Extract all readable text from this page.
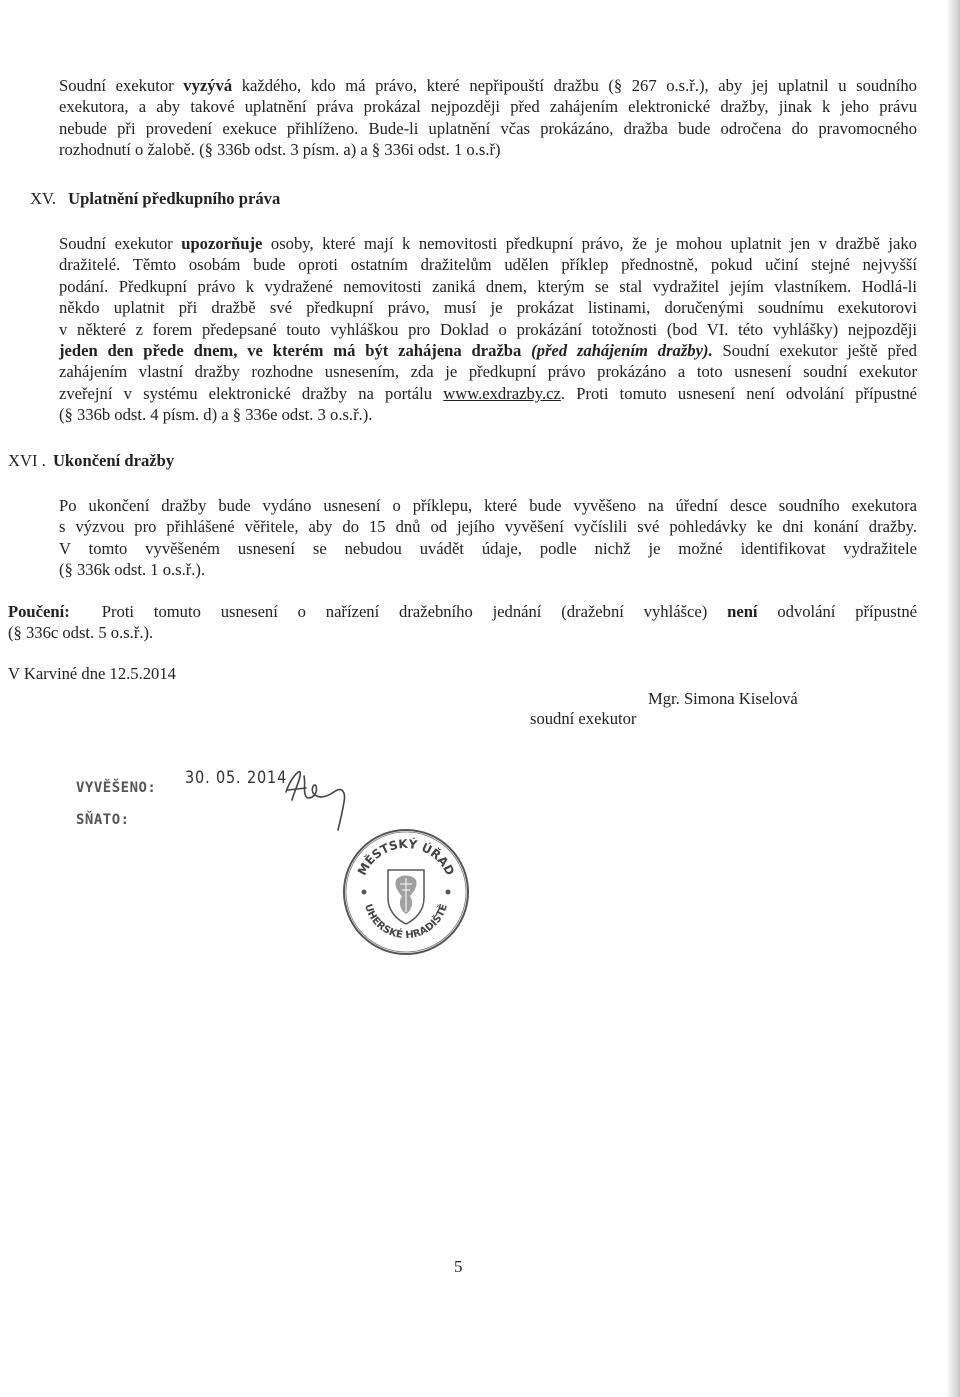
Soudní exekutor vyzývá každého, kdo má právo, které nepřipouští dražbu (§ 267 o.s.ř.), aby jej uplatnil u soudního
exekutora, a aby takové uplatnění práva prokázal nejpozději před zahájením elektronické dražby, jinak k jeho právu
nebude při provedení exekuce přihlíženo. Bude-li uplatnění včas prokázáno, dražba bude odročena do pravomocného
rozhodnutí o žalobě. (§ 336b odst. 3 písm. a) a § 336i odst. 1 o.s.ř)
XV. Uplatnění předkupního práva
Soudní exekutor upozorňuje osoby, které mají k nemovitosti předkupní právo, že je mohou uplatnit jen v dražbě jako
dražitelé. Těmto osobám bude oproti ostatním dražitelům udělen příklep přednostně, pokud učiní stejné nejvyšší
podání. Předkupní právo k vydražené nemovitosti zaniká dnem, kterým se stal vydražitel jejím vlastníkem. Hodlá-li
někdo uplatnit při dražbě své předkupní právo, musí je prokázat listinami, doručenými soudnímu exekutorovi
v některé z forem předepsané touto vyhláškou pro Doklad o prokázání totožnosti (bod VI. této vyhlášky) nejpozději
jeden den přede dnem, ve kterém má být zahájena dražba (před zahájením dražby). Soudní exekutor ještě před
zahájením vlastní dražby rozhodne usnesením, zda je předkupní právo prokázáno a toto usnesení soudní exekutor
zveřejní v systému elektronické dražby na portálu www.exdrazby.cz. Proti tomuto usnesení není odvolání přípustné
(§ 336b odst. 4 písm. d) a § 336e odst. 3 o.s.ř.).
XVI . Ukončení dražby
Po ukončení dražby bude vydáno usnesení o příklepu, které bude vyvěšeno na úřední desce soudního exekutora
s výzvou pro přihlášené věřitele, aby do 15 dnů od jejího vyvěšení vyčíslili své pohledávky ke dni konání dražby.
V tomto vyvěšeném usnesení se nebudou uvádět údaje, podle nichž je možné identifikovat vydražitele
(§ 336k odst. 1 o.s.ř.).
Poučení: Proti tomuto usnesení o nařízení dražebního jednání (dražební vyhlášce) není odvolání přípustné
(§ 336c odst. 5 o.s.ř.).
V Karviné dne 12.5.2014
Mgr. Simona Kiselová
soudní exekutor
VYVĚŠENO: 30. 05. 2014
SŇATO:
MĚSTSKÝ ÚŘAD
UHERSKÉ HRADIŠTĚ
5
